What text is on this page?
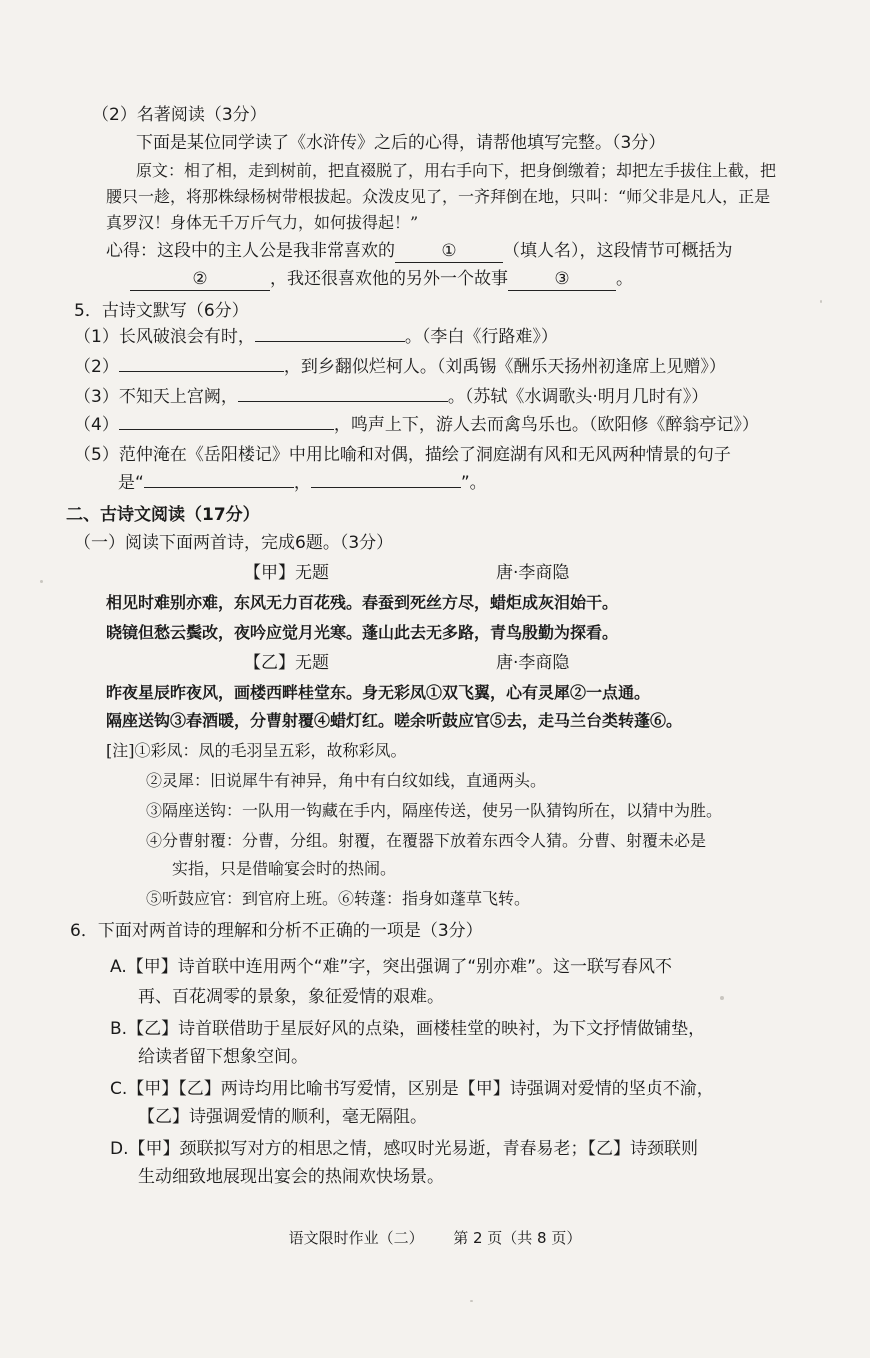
（2）名著阅读（3分）
下面是某位同学读了《水浒传》之后的心得，请帮他填写完整。（3分）
原文：相了相，走到树前，把直裰脱了，用右手向下，把身倒缴着；却把左手拔住上截，把
腰只一趁，将那株绿杨树带根拔起。众泼皮见了，一齐拜倒在地，只叫：“师父非是凡人，正是
真罗汉！身体无千万斤气力，如何拔得起！”
心得：这段中的主人公是我非常喜欢的	①	（填人名），这段情节可概括为
②	，我还很喜欢他的另外一个故事	③	。
5．古诗文默写（6分）
（1）长风破浪会有时，	。（李白《行路难》）
（2）	，到乡翻似烂柯人。（刘禹锡《酬乐天扬州初逢席上见赠》）
（3）不知天上宫阙，	。（苏轼《水调歌头·明月几时有》）
（4）	，鸣声上下，游人去而禽鸟乐也。（欧阳修《醉翁亭记》）
（5）范仲淹在《岳阳楼记》中用比喻和对偶，描绘了洞庭湖有风和无风两种情景的句子
是“	，	”。
二、古诗文阅读（17分）
（一）阅读下面两首诗，完成6题。（3分）
【甲】无题	唐·李商隐
相见时难别亦难，东风无力百花残。春蚕到死丝方尽，蜡炬成灰泪始干。
晓镜但愁云鬓改，夜吟应觉月光寒。蓬山此去无多路，青鸟殷勤为探看。
【乙】无题	唐·李商隐
昨夜星辰昨夜风，画楼西畔桂堂东。身无彩凤①双飞翼，心有灵犀②一点通。
隔座送钩③春酒暖，分曹射覆④蜡灯红。嗟余听鼓应官⑤去，走马兰台类转蓬⑥。
[注]①彩凤：凤的毛羽呈五彩，故称彩凤。
②灵犀：旧说犀牛有神异，角中有白纹如线，直通两头。
③隔座送钩：一队用一钩藏在手内，隔座传送，使另一队猜钩所在，以猜中为胜。
④分曹射覆：分曹，分组。射覆，在覆器下放着东西令人猜。分曹、射覆未必是
实指，只是借喻宴会时的热闹。
⑤听鼓应官：到官府上班。⑥转蓬：指身如蓬草飞转。
6．下面对两首诗的理解和分析不正确的一项是（3分）
A.【甲】诗首联中连用两个“难”字，突出强调了“别亦难”。这一联写春风不
再、百花凋零的景象，象征爱情的艰难。
B.【乙】诗首联借助于星辰好风的点染，画楼桂堂的映衬，为下文抒情做铺垫，
给读者留下想象空间。
C.【甲】【乙】两诗均用比喻书写爱情，区别是【甲】诗强调对爱情的坚贞不渝，
【乙】诗强调爱情的顺利，毫无隔阻。
D.【甲】颈联拟写对方的相思之情，感叹时光易逝，青春易老；【乙】诗颈联则
生动细致地展现出宴会的热闹欢快场景。
语文限时作业（二） 第 2 页（共 8 页）
